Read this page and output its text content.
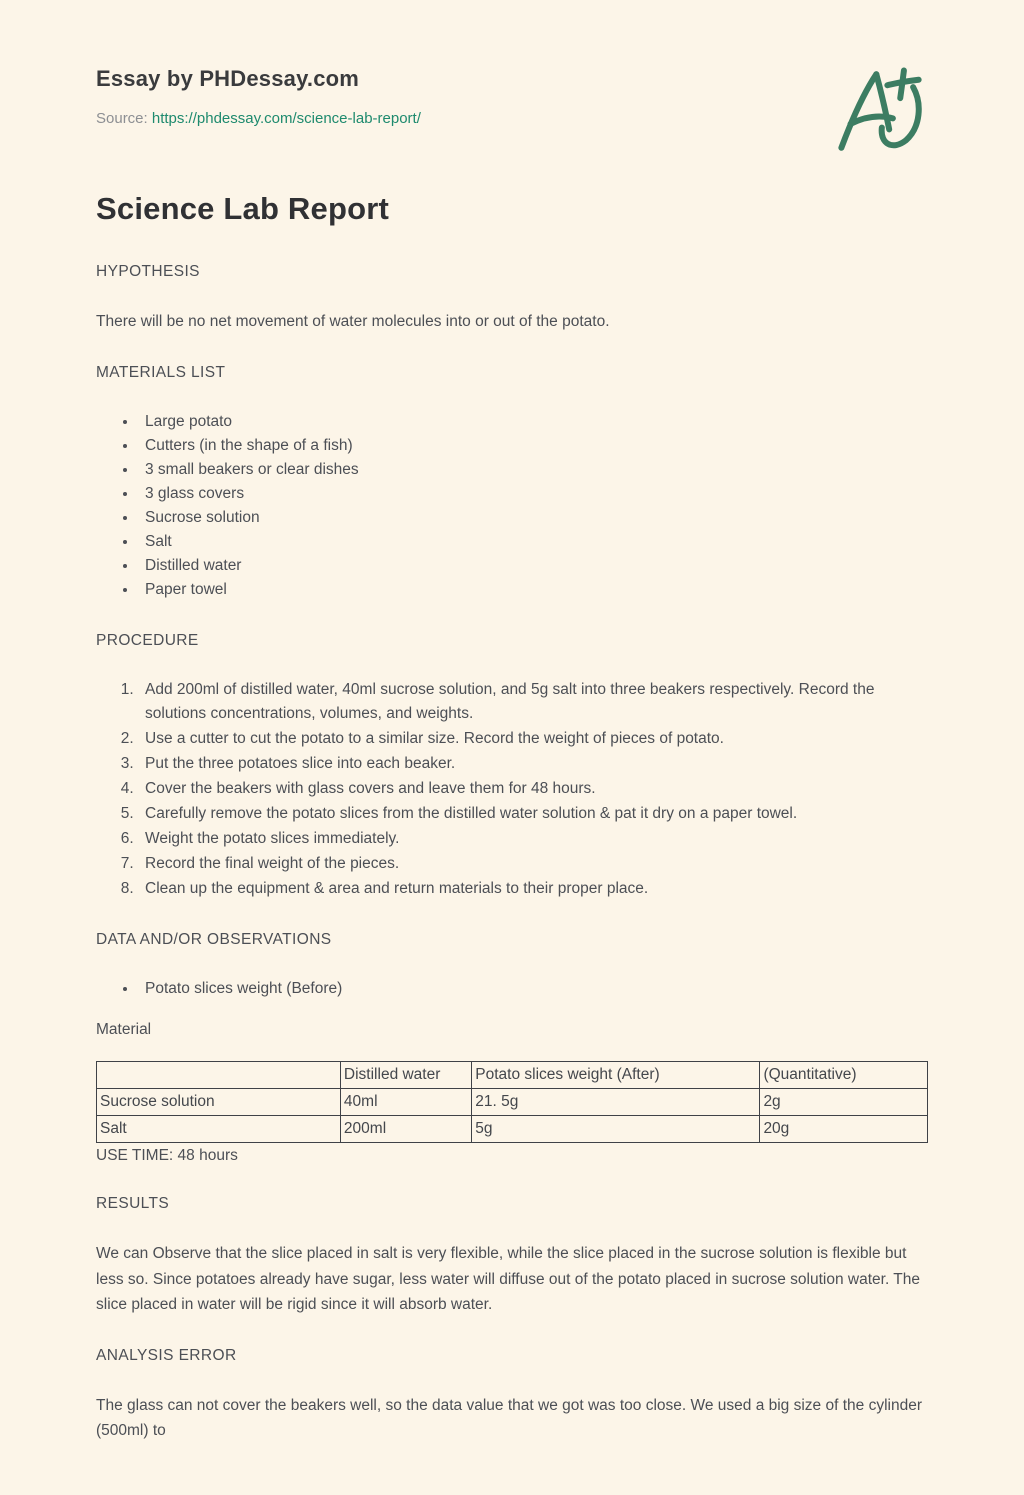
Essay by PHDessay.com
Source: https://phdessay.com/science-lab-report/
Science Lab Report
HYPOTHESIS

There will be no net movement of water molecules into or out of the potato.

MATERIALS LIST
• Large potato
• Cutters (in the shape of a fish)
• 3 small beakers or clear dishes
• 3 glass covers
• Sucrose solution
• Salt
• Distilled water
• Paper towel
PROCEDURE
1. Add 200ml of distilled water, 40ml sucrose solution, and 5g salt into three beakers respectively. Record the solutions concentrations, volumes, and weights.
2. Use a cutter to cut the potato to a similar size. Record the weight of pieces of potato.
3. Put the three potatoes slice into each beaker.
4. Cover the beakers with glass covers and leave them for 48 hours.
5. Carefully remove the potato slices from the distilled water solution & pat it dry on a paper towel.
6. Weight the potato slices immediately.
7. Record the final weight of the pieces.
8. Clean up the equipment & area and return materials to their proper place.
DATA AND/OR OBSERVATIONS
• Potato slices weight (Before)

Material

	Distilled water	Potato slices weight (After)	(Quantitative)
Sucrose solution	40ml	21. 5g	2g
Salt	200ml	5g	20g

USE TIME: 48 hours

RESULTS

We can Observe that the slice placed in salt is very flexible, while the slice placed in the sucrose solution is flexible but less so. Since potatoes already have sugar, less water will diffuse out of the potato placed in sucrose solution water. The slice placed in water will be rigid since it will absorb water.

ANALYSIS ERROR

The glass can not cover the beakers well, so the data value that we got was too close. We used a big size of the cylinder (500ml) to
